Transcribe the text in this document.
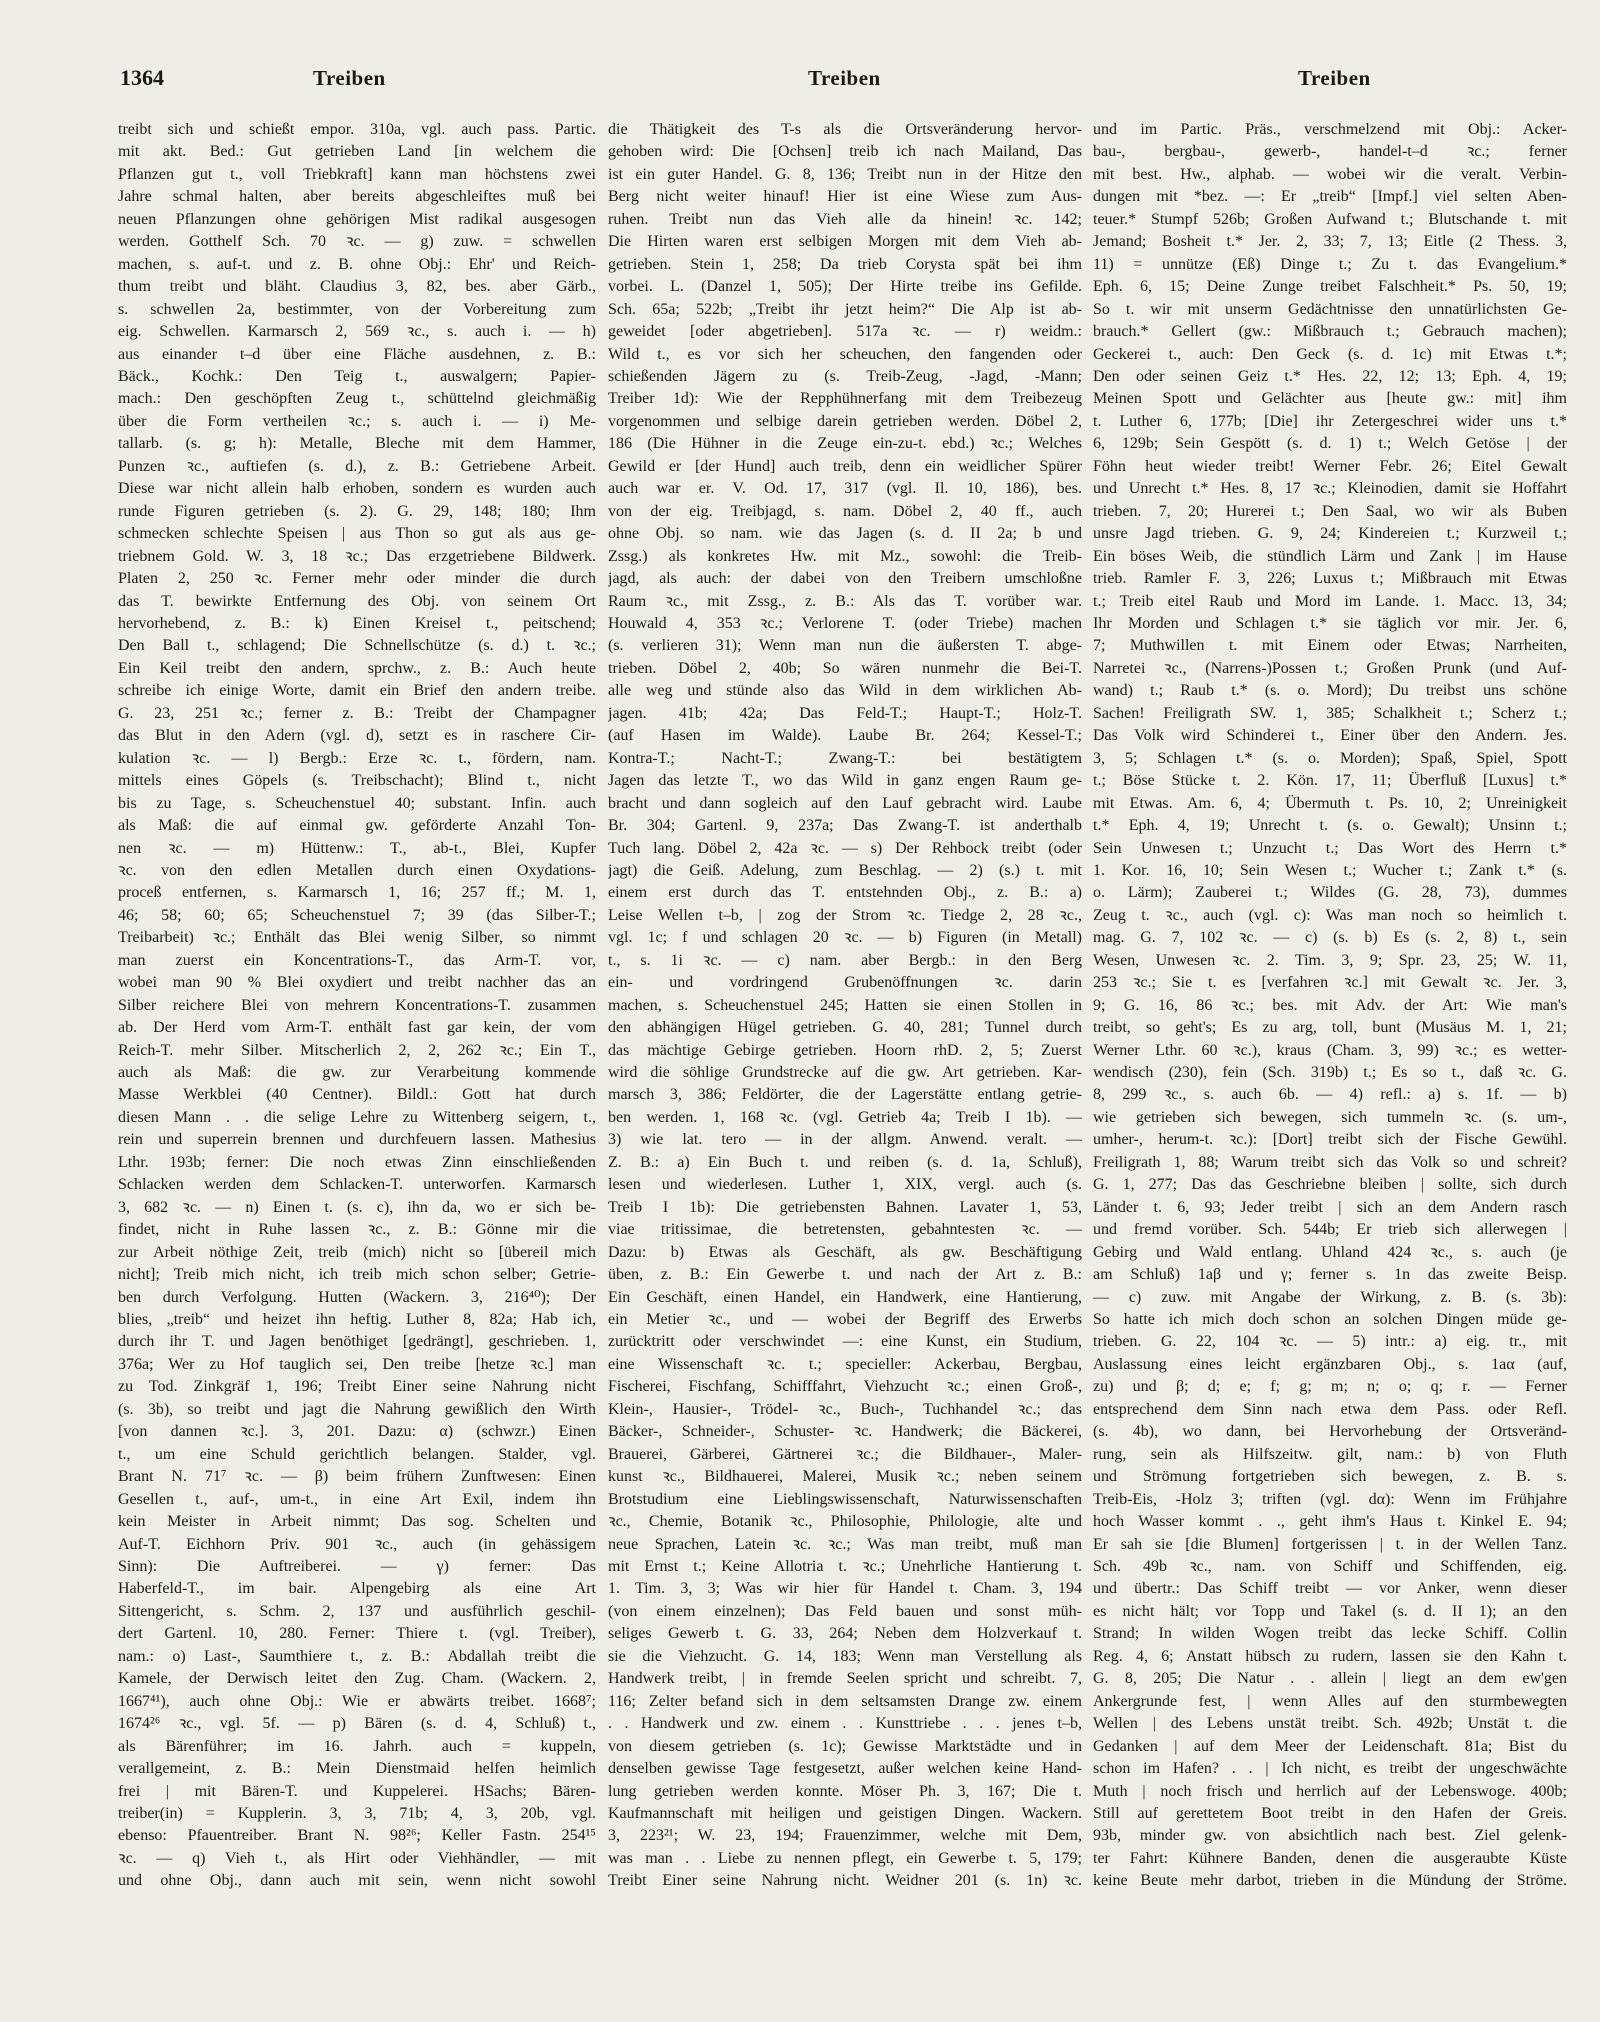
1364	Treiben	Treiben	Treiben
treibt sich und schießt empor. 310a, vgl. auch pass. Partic.
mit akt. Bed.: Gut getrieben Land [in welchem die
Pflanzen gut t., voll Triebkraft] kann man höchstens zwei
Jahre schmal halten, aber bereits abgeschleiftes muß bei
neuen Pflanzungen ohne gehörigen Mist radikal ausgesogen
werden. Gotthelf Sch. 70 ꝛc. — g) zuw. = schwellen
machen, s. auf-t. und z. B. ohne Obj.: Ehr' und Reich-
thum treibt und bläht. Claudius 3, 82, bes. aber Gärb.,
s. schwellen 2a, bestimmter, von der Vorbereitung zum
eig. Schwellen. Karmarsch 2, 569 ꝛc., s. auch i. — h)
aus einander t–d über eine Fläche ausdehnen, z. B.:
Bäck., Kochk.: Den Teig t., auswalgern; Papier-
mach.: Den geschöpften Zeug t., schüttelnd gleichmäßig
über die Form vertheilen ꝛc.; s. auch i. — i) Me-
tallarb. (s. g; h): Metalle, Bleche mit dem Hammer,
Punzen ꝛc., auftiefen (s. d.), z. B.: Getriebene Arbeit.
Diese war nicht allein halb erhoben, sondern es wurden auch
runde Figuren getrieben (s. 2). G. 29, 148; 180; Ihm
schmecken schlechte Speisen | aus Thon so gut als aus ge-
triebnem Gold. W. 3, 18 ꝛc.; Das erzgetriebene Bildwerk.
Platen 2, 250 ꝛc. Ferner mehr oder minder die durch
das T. bewirkte Entfernung des Obj. von seinem Ort
hervorhebend, z. B.: k) Einen Kreisel t., peitschend;
Den Ball t., schlagend; Die Schnellschütze (s. d.) t. ꝛc.;
Ein Keil treibt den andern, sprchw., z. B.: Auch heute
schreibe ich einige Worte, damit ein Brief den andern treibe.
G. 23, 251 ꝛc.; ferner z. B.: Treibt der Champagner
das Blut in den Adern (vgl. d), setzt es in raschere Cir-
kulation ꝛc. — l) Bergb.: Erze ꝛc. t., fördern, nam.
mittels eines Göpels (s. Treibschacht); Blind t., nicht
bis zu Tage, s. Scheuchenstuel 40; substant. Infin. auch
als Maß: die auf einmal gw. geförderte Anzahl Ton-
nen ꝛc. — m) Hüttenw.: T., ab-t., Blei, Kupfer
ꝛc. von den edlen Metallen durch einen Oxydations-
proceß entfernen, s. Karmarsch 1, 16; 257 ff.; M. 1,
46; 58; 60; 65; Scheuchenstuel 7; 39 (das Silber-T.;
Treibarbeit) ꝛc.; Enthält das Blei wenig Silber, so nimmt
man zuerst ein Koncentrations-T., das Arm-T. vor,
wobei man 90 % Blei oxydiert und treibt nachher das an
Silber reichere Blei von mehrern Koncentrations-T. zusammen
ab. Der Herd vom Arm-T. enthält fast gar kein, der vom
Reich-T. mehr Silber. Mitscherlich 2, 2, 262 ꝛc.; Ein T.,
auch als Maß: die gw. zur Verarbeitung kommende
Masse Werkblei (40 Centner). Bildl.: Gott hat durch
diesen Mann . . die selige Lehre zu Wittenberg seigern, t.,
rein und superrein brennen und durchfeuern lassen. Mathesius
Lthr. 193b; ferner: Die noch etwas Zinn einschließenden
Schlacken werden dem Schlacken-T. unterworfen. Karmarsch
3, 682 ꝛc. — n) Einen t. (s. c), ihn da, wo er sich be-
findet, nicht in Ruhe lassen ꝛc., z. B.: Gönne mir die
zur Arbeit nöthige Zeit, treib (mich) nicht so [übereil mich
nicht]; Treib mich nicht, ich treib mich schon selber; Getrie-
ben durch Verfolgung. Hutten (Wackern. 3, 216⁴⁰); Der
blies, „treib“ und heizet ihn heftig. Luther 8, 82a; Hab ich,
durch ihr T. und Jagen benöthiget [gedrängt], geschrieben. 1,
376a; Wer zu Hof tauglich sei, Den treibe [hetze ꝛc.] man
zu Tod. Zinkgräf 1, 196; Treibt Einer seine Nahrung nicht
(s. 3b), so treibt und jagt die Nahrung gewißlich den Wirth
[von dannen ꝛc.]. 3, 201. Dazu: α) (schwzr.) Einen
t., um eine Schuld gerichtlich belangen. Stalder, vgl.
Brant N. 71⁷ ꝛc. — β) beim frühern Zunftwesen: Einen
Gesellen t., auf-, um-t., in eine Art Exil, indem ihn
kein Meister in Arbeit nimmt; Das sog. Schelten und
Auf-T. Eichhorn Priv. 901 ꝛc., auch (in gehässigem
Sinn): Die Auftreiberei. — γ) ferner: Das
Haberfeld-T., im bair. Alpengebirg als eine Art
Sittengericht, s. Schm. 2, 137 und ausführlich geschil-
dert Gartenl. 10, 280. Ferner: Thiere t. (vgl. Treiber),
nam.: o) Last-, Saumthiere t., z. B.: Abdallah treibt die
Kamele, der Derwisch leitet den Zug. Cham. (Wackern. 2,
1667⁴¹), auch ohne Obj.: Wie er abwärts treibet. 1668⁷;
1674²⁶ ꝛc., vgl. 5f. — p) Bären (s. d. 4, Schluß) t.,
als Bärenführer; im 16. Jahrh. auch = kuppeln,
verallgemeint, z. B.: Mein Dienstmaid helfen heimlich
frei | mit Bären-T. und Kuppelerei. HSachs; Bären-
treiber(in) = Kupplerin. 3, 3, 71b; 4, 3, 20b, vgl.
ebenso: Pfauentreiber. Brant N. 98²⁶; Keller Fastn. 254¹⁵
ꝛc. — q) Vieh t., als Hirt oder Viehhändler, — mit
und ohne Obj., dann auch mit sein, wenn nicht sowohl
die Thätigkeit des T-s als die Ortsveränderung hervor-
gehoben wird: Die [Ochsen] treib ich nach Mailand, Das
ist ein guter Handel. G. 8, 136; Treibt nun in der Hitze den
Berg nicht weiter hinauf! Hier ist eine Wiese zum Aus-
ruhen. Treibt nun das Vieh alle da hinein! ꝛc. 142;
Die Hirten waren erst selbigen Morgen mit dem Vieh ab-
getrieben. Stein 1, 258; Da trieb Corysta spät bei ihm
vorbei. L. (Danzel 1, 505); Der Hirte treibe ins Gefilde.
Sch. 65a; 522b; „Treibt ihr jetzt heim?“ Die Alp ist ab-
geweidet [oder abgetrieben]. 517a ꝛc. — r) weidm.:
Wild t., es vor sich her scheuchen, den fangenden oder
schießenden Jägern zu (s. Treib-Zeug, -Jagd, -Mann;
Treiber 1d): Wie der Repphühnerfang mit dem Treibezeug
vorgenommen und selbige darein getrieben werden. Döbel 2,
186 (Die Hühner in die Zeuge ein-zu-t. ebd.) ꝛc.; Welches
Gewild er [der Hund] auch treib, denn ein weidlicher Spürer
auch war er. V. Od. 17, 317 (vgl. Il. 10, 186), bes.
von der eig. Treibjagd, s. nam. Döbel 2, 40 ff., auch
ohne Obj. so nam. wie das Jagen (s. d. II 2a; b und
Zssg.) als konkretes Hw. mit Mz., sowohl: die Treib-
jagd, als auch: der dabei von den Treibern umschloßne
Raum ꝛc., mit Zssg., z. B.: Als das T. vorüber war.
Houwald 4, 353 ꝛc.; Verlorene T. (oder Triebe) machen
(s. verlieren 31); Wenn man nun die äußersten T. abge-
trieben. Döbel 2, 40b; So wären nunmehr die Bei-T.
alle weg und stünde also das Wild in dem wirklichen Ab-
jagen. 41b; 42a; Das Feld-T.; Haupt-T.; Holz-T.
(auf Hasen im Walde). Laube Br. 264; Kessel-T.;
Kontra-T.; Nacht-T.; Zwang-T.: bei bestätigtem
Jagen das letzte T., wo das Wild in ganz engen Raum ge-
bracht und dann sogleich auf den Lauf gebracht wird. Laube
Br. 304; Gartenl. 9, 237a; Das Zwang-T. ist anderthalb
Tuch lang. Döbel 2, 42a ꝛc. — s) Der Rehbock treibt (oder
jagt) die Geiß. Adelung, zum Beschlag. — 2) (s.) t. mit
einem erst durch das T. entstehnden Obj., z. B.: a)
Leise Wellen t–b, | zog der Strom ꝛc. Tiedge 2, 28 ꝛc.,
vgl. 1c; f und schlagen 20 ꝛc. — b) Figuren (in Metall)
t., s. 1i ꝛc. — c) nam. aber Bergb.: in den Berg
ein- und vordringend Grubenöffnungen ꝛc. darin
machen, s. Scheuchenstuel 245; Hatten sie einen Stollen in
den abhängigen Hügel getrieben. G. 40, 281; Tunnel durch
das mächtige Gebirge getrieben. Hoorn rhD. 2, 5; Zuerst
wird die söhlige Grundstrecke auf die gw. Art getrieben. Kar-
marsch 3, 386; Feldörter, die der Lagerstätte entlang getrie-
ben werden. 1, 168 ꝛc. (vgl. Getrieb 4a; Treib I 1b). —
3) wie lat. tero — in der allgm. Anwend. veralt. —
Z. B.: a) Ein Buch t. und reiben (s. d. 1a, Schluß),
lesen und wiederlesen. Luther 1, XIX, vergl. auch (s.
Treib I 1b): Die getriebensten Bahnen. Lavater 1, 53,
viae tritissimae, die betretensten, gebahntesten ꝛc. —
Dazu: b) Etwas als Geschäft, als gw. Beschäftigung
üben, z. B.: Ein Gewerbe t. und nach der Art z. B.:
Ein Geschäft, einen Handel, ein Handwerk, eine Hantierung,
ein Metier ꝛc., und — wobei der Begriff des Erwerbs
zurücktritt oder verschwindet —: eine Kunst, ein Studium,
eine Wissenschaft ꝛc. t.; specieller: Ackerbau, Bergbau,
Fischerei, Fischfang, Schifffahrt, Viehzucht ꝛc.; einen Groß-,
Klein-, Hausier-, Trödel- ꝛc., Buch-, Tuchhandel ꝛc.; das
Bäcker-, Schneider-, Schuster- ꝛc. Handwerk; die Bäckerei,
Brauerei, Gärberei, Gärtnerei ꝛc.; die Bildhauer-, Maler-
kunst ꝛc., Bildhauerei, Malerei, Musik ꝛc.; neben seinem
Brotstudium eine Lieblingswissenschaft, Naturwissenschaften
ꝛc., Chemie, Botanik ꝛc., Philosophie, Philologie, alte und
neue Sprachen, Latein ꝛc. ꝛc.; Was man treibt, muß man
mit Ernst t.; Keine Allotria t. ꝛc.; Unehrliche Hantierung t.
1. Tim. 3, 3; Was wir hier für Handel t. Cham. 3, 194
(von einem einzelnen); Das Feld bauen und sonst müh-
seliges Gewerb t. G. 33, 264; Neben dem Holzverkauf t.
sie die Viehzucht. G. 14, 183; Wenn man Verstellung als
Handwerk treibt, | in fremde Seelen spricht und schreibt. 7,
116; Zelter befand sich in dem seltsamsten Drange zw. einem
. . Handwerk und zw. einem . . Kunsttriebe . . . jenes t–b,
von diesem getrieben (s. 1c); Gewisse Marktstädte und in
denselben gewisse Tage festgesetzt, außer welchen keine Hand-
lung getrieben werden konnte. Möser Ph. 3, 167; Die t.
Kaufmannschaft mit heiligen und geistigen Dingen. Wackern.
3, 223²¹; W. 23, 194; Frauenzimmer, welche mit Dem,
was man . . Liebe zu nennen pflegt, ein Gewerbe t. 5, 179;
Treibt Einer seine Nahrung nicht. Weidner 201 (s. 1n) ꝛc.
und im Partic. Präs., verschmelzend mit Obj.: Acker-
bau-, bergbau-, gewerb-, handel-t–d ꝛc.; ferner
mit best. Hw., alphab. — wobei wir die veralt. Verbin-
dungen mit *bez. —: Er „treib“ [Impf.] viel selten Aben-
teuer.* Stumpf 526b; Großen Aufwand t.; Blutschande t. mit
Jemand; Bosheit t.* Jer. 2, 33; 7, 13; Eitle (2 Thess. 3,
11) = unnütze (Eß) Dinge t.; Zu t. das Evangelium.*
Eph. 6, 15; Deine Zunge treibet Falschheit.* Ps. 50, 19;
So t. wir mit unserm Gedächtnisse den unnatürlichsten Ge-
brauch.* Gellert (gw.: Mißbrauch t.; Gebrauch machen);
Geckerei t., auch: Den Geck (s. d. 1c) mit Etwas t.*;
Den oder seinen Geiz t.* Hes. 22, 12; 13; Eph. 4, 19;
Meinen Spott und Gelächter aus [heute gw.: mit] ihm
t. Luther 6, 177b; [Die] ihr Zetergeschrei wider uns t.*
6, 129b; Sein Gespött (s. d. 1) t.; Welch Getöse | der
Föhn heut wieder treibt! Werner Febr. 26; Eitel Gewalt
und Unrecht t.* Hes. 8, 17 ꝛc.; Kleinodien, damit sie Hoffahrt
trieben. 7, 20; Hurerei t.; Den Saal, wo wir als Buben
unsre Jagd trieben. G. 9, 24; Kindereien t.; Kurzweil t.;
Ein böses Weib, die stündlich Lärm und Zank | im Hause
trieb. Ramler F. 3, 226; Luxus t.; Mißbrauch mit Etwas
t.; Treib eitel Raub und Mord im Lande. 1. Macc. 13, 34;
Ihr Morden und Schlagen t.* sie täglich vor mir. Jer. 6,
7; Muthwillen t. mit Einem oder Etwas; Narrheiten,
Narretei ꝛc., (Narrens-)Possen t.; Großen Prunk (und Auf-
wand) t.; Raub t.* (s. o. Mord); Du treibst uns schöne
Sachen! Freiligrath SW. 1, 385; Schalkheit t.; Scherz t.;
Das Volk wird Schinderei t., Einer über den Andern. Jes.
3, 5; Schlagen t.* (s. o. Morden); Spaß, Spiel, Spott
t.; Böse Stücke t. 2. Kön. 17, 11; Überfluß [Luxus] t.*
mit Etwas. Am. 6, 4; Übermuth t. Ps. 10, 2; Unreinigkeit
t.* Eph. 4, 19; Unrecht t. (s. o. Gewalt); Unsinn t.;
Sein Unwesen t.; Unzucht t.; Das Wort des Herrn t.*
1. Kor. 16, 10; Sein Wesen t.; Wucher t.; Zank t.* (s.
o. Lärm); Zauberei t.; Wildes (G. 28, 73), dummes
Zeug t. ꝛc., auch (vgl. c): Was man noch so heimlich t.
mag. G. 7, 102 ꝛc. — c) (s. b) Es (s. 2, 8) t., sein
Wesen, Unwesen ꝛc. 2. Tim. 3, 9; Spr. 23, 25; W. 11,
253 ꝛc.; Sie t. es [verfahren ꝛc.] mit Gewalt ꝛc. Jer. 3,
9; G. 16, 86 ꝛc.; bes. mit Adv. der Art: Wie man's
treibt, so geht's; Es zu arg, toll, bunt (Musäus M. 1, 21;
Werner Lthr. 60 ꝛc.), kraus (Cham. 3, 99) ꝛc.; es wetter-
wendisch (230), fein (Sch. 319b) t.; Es so t., daß ꝛc. G.
8, 299 ꝛc., s. auch 6b. — 4) refl.: a) s. 1f. — b)
wie getrieben sich bewegen, sich tummeln ꝛc. (s. um-,
umher-, herum-t. ꝛc.): [Dort] treibt sich der Fische Gewühl.
Freiligrath 1, 88; Warum treibt sich das Volk so und schreit?
G. 1, 277; Das das Geschriebne bleiben | sollte, sich durch
Länder t. 6, 93; Jeder treibt | sich an dem Andern rasch
und fremd vorüber. Sch. 544b; Er trieb sich allerwegen |
Gebirg und Wald entlang. Uhland 424 ꝛc., s. auch (je
am Schluß) 1aβ und γ; ferner s. 1n das zweite Beisp.
— c) zuw. mit Angabe der Wirkung, z. B. (s. 3b):
So hatte ich mich doch schon an solchen Dingen müde ge-
trieben. G. 22, 104 ꝛc. — 5) intr.: a) eig. tr., mit
Auslassung eines leicht ergänzbaren Obj., s. 1aα (auf,
zu) und β; d; e; f; g; m; n; o; q; r. — Ferner
entsprechend dem Sinn nach etwa dem Pass. oder Refl.
(s. 4b), wo dann, bei Hervorhebung der Ortsveränd-
rung, sein als Hilfszeitw. gilt, nam.: b) von Fluth
und Strömung fortgetrieben sich bewegen, z. B. s.
Treib-Eis, -Holz 3; triften (vgl. dα): Wenn im Frühjahre
hoch Wasser kommt . ., geht ihm's Haus t. Kinkel E. 94;
Er sah sie [die Blumen] fortgerissen | t. in der Wellen Tanz.
Sch. 49b ꝛc., nam. von Schiff und Schiffenden, eig.
und übertr.: Das Schiff treibt — vor Anker, wenn dieser
es nicht hält; vor Topp und Takel (s. d. II 1); an den
Strand; In wilden Wogen treibt das lecke Schiff. Collin
Reg. 4, 6; Anstatt hübsch zu rudern, lassen sie den Kahn t.
G. 8, 205; Die Natur . . allein | liegt an dem ew'gen
Ankergrunde fest, | wenn Alles auf den sturmbewegten
Wellen | des Lebens unstät treibt. Sch. 492b; Unstät t. die
Gedanken | auf dem Meer der Leidenschaft. 81a; Bist du
schon im Hafen? . . | Ich nicht, es treibt der ungeschwächte
Muth | noch frisch und herrlich auf der Lebenswoge. 400b;
Still auf gerettetem Boot treibt in den Hafen der Greis.
93b, minder gw. von absichtlich nach best. Ziel gelenk-
ter Fahrt: Kühnere Banden, denen die ausgeraubte Küste
keine Beute mehr darbot, trieben in die Mündung der Ströme.
